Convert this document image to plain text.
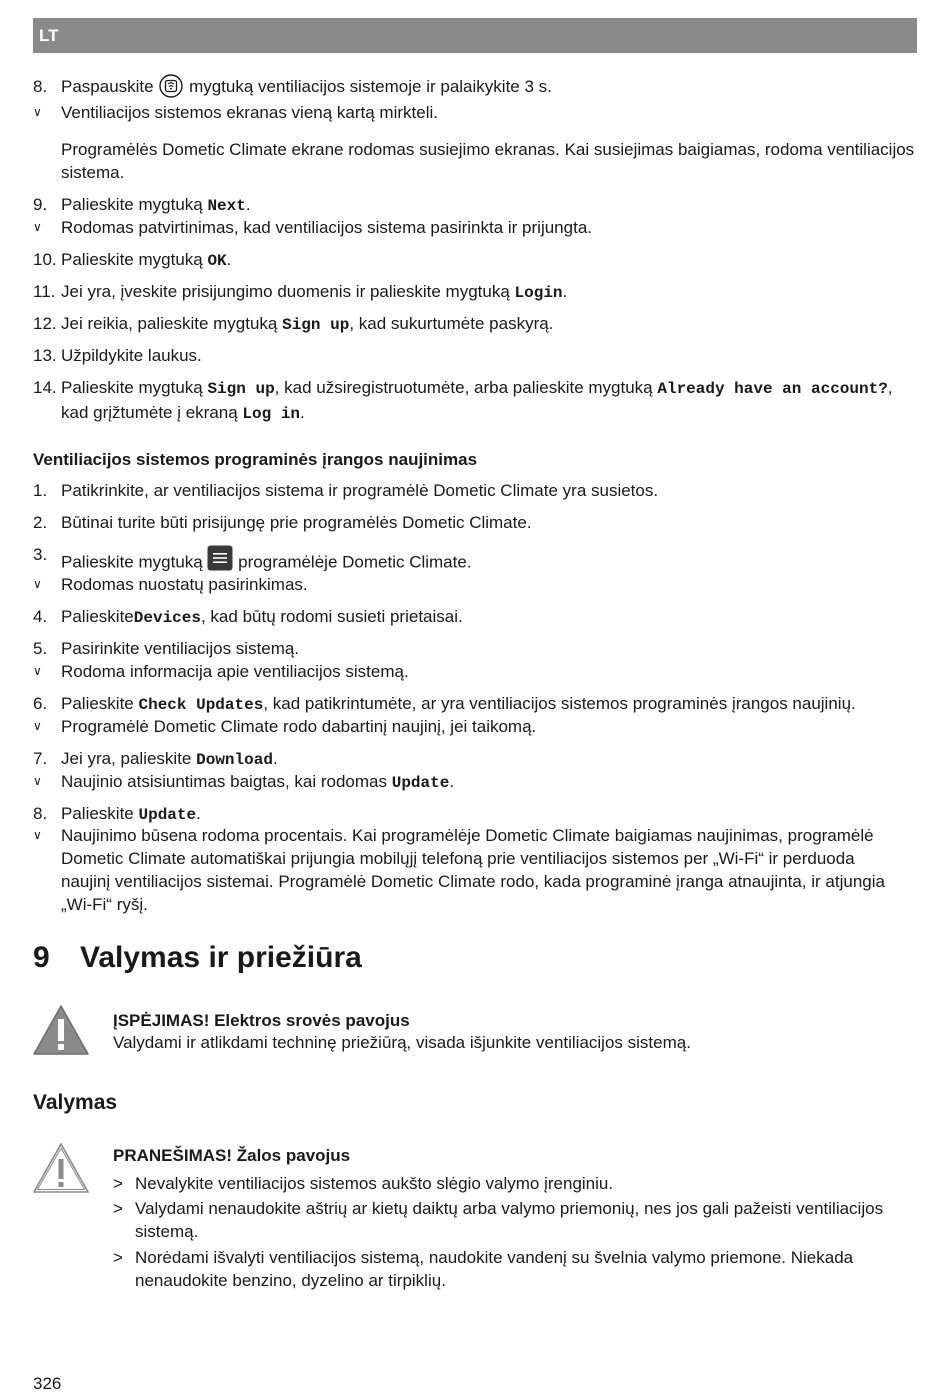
LT
8. Paspauskite  mygtuką ventiliacijos sistemoje ir palaikykite 3 s.
∨ Ventiliacijos sistemos ekranas vieną kartą mirkteli.
Programėlės Dometic Climate ekrane rodomas susiejimo ekranas. Kai susiejimas baigiamas, rodoma ventiliacijos sistema.
9. Palieskite mygtuką Next.
∨ Rodomas patvirtinimas, kad ventiliacijos sistema pasirinkta ir prijungta.
10. Palieskite mygtuką OK.
11. Jei yra, įveskite prisijungimo duomenis ir palieskite mygtuką Login.
12. Jei reikia, palieskite mygtuką Sign up, kad sukurtumėte paskyrą.
13. Užpildykite laukus.
14. Palieskite mygtuką Sign up, kad užsiregistruotumėte, arba palieskite mygtuką Already have an account?, kad grįžtumėte į ekraną Log in.
Ventiliacijos sistemos programinės įrangos naujinimas
1. Patikrinkite, ar ventiliacijos sistema ir programėlė Dometic Climate yra susietos.
2. Būtinai turite būti prisijungę prie programėlės Dometic Climate.
3. Palieskite mygtuką  programėlėje Dometic Climate.
∨ Rodomas nuostatų pasirinkimas.
4. PalieskiteDevices, kad būtų rodomi susieti prietaisai.
5. Pasirinkite ventiliacijos sistemą.
∨ Rodoma informacija apie ventiliacijos sistemą.
6. Palieskite Check Updates, kad patikrintumėte, ar yra ventiliacijos sistemos programinės įrangos naujinių.
∨ Programėlė Dometic Climate rodo dabartinį naujinį, jei taikomą.
7. Jei yra, palieskite Download.
∨ Naujinio atsisiuntimas baigtas, kai rodomas Update.
8. Palieskite Update.
∨ Naujinimo būsena rodoma procentais. Kai programėlėje Dometic Climate baigiamas naujinimas, programėlė Dometic Climate automatiškai prijungia mobilųjį telefoną prie ventiliacijos sistemos per „Wi-Fi“ ir perduoda naujinį ventiliacijos sistemai. Programėlė Dometic Climate rodo, kada programinė įranga atnaujinta, ir atjungia „Wi-Fi“ ryšį.
9 Valymas ir priežiūra
ĮSPĖJIMAS! Elektros srovės pavojus
Valydami ir atlikdami techninę priežiūrą, visada išjunkite ventiliacijos sistemą.
Valymas
PRANEŠIMAS! Žalos pavojus
> Nevalykite ventiliacijos sistemos aukšto slėgio valymo įrenginiu.
> Valydami nenaudokite aštrių ar kietų daiktų arba valymo priemonių, nes jos gali pažeisti ventiliacijos sistemą.
> Norėdami išvalyti ventiliacijos sistemą, naudokite vandenį su švelnia valymo priemone. Niekada nenaudokite benzino, dyzelino ar tirpiklių.
326
